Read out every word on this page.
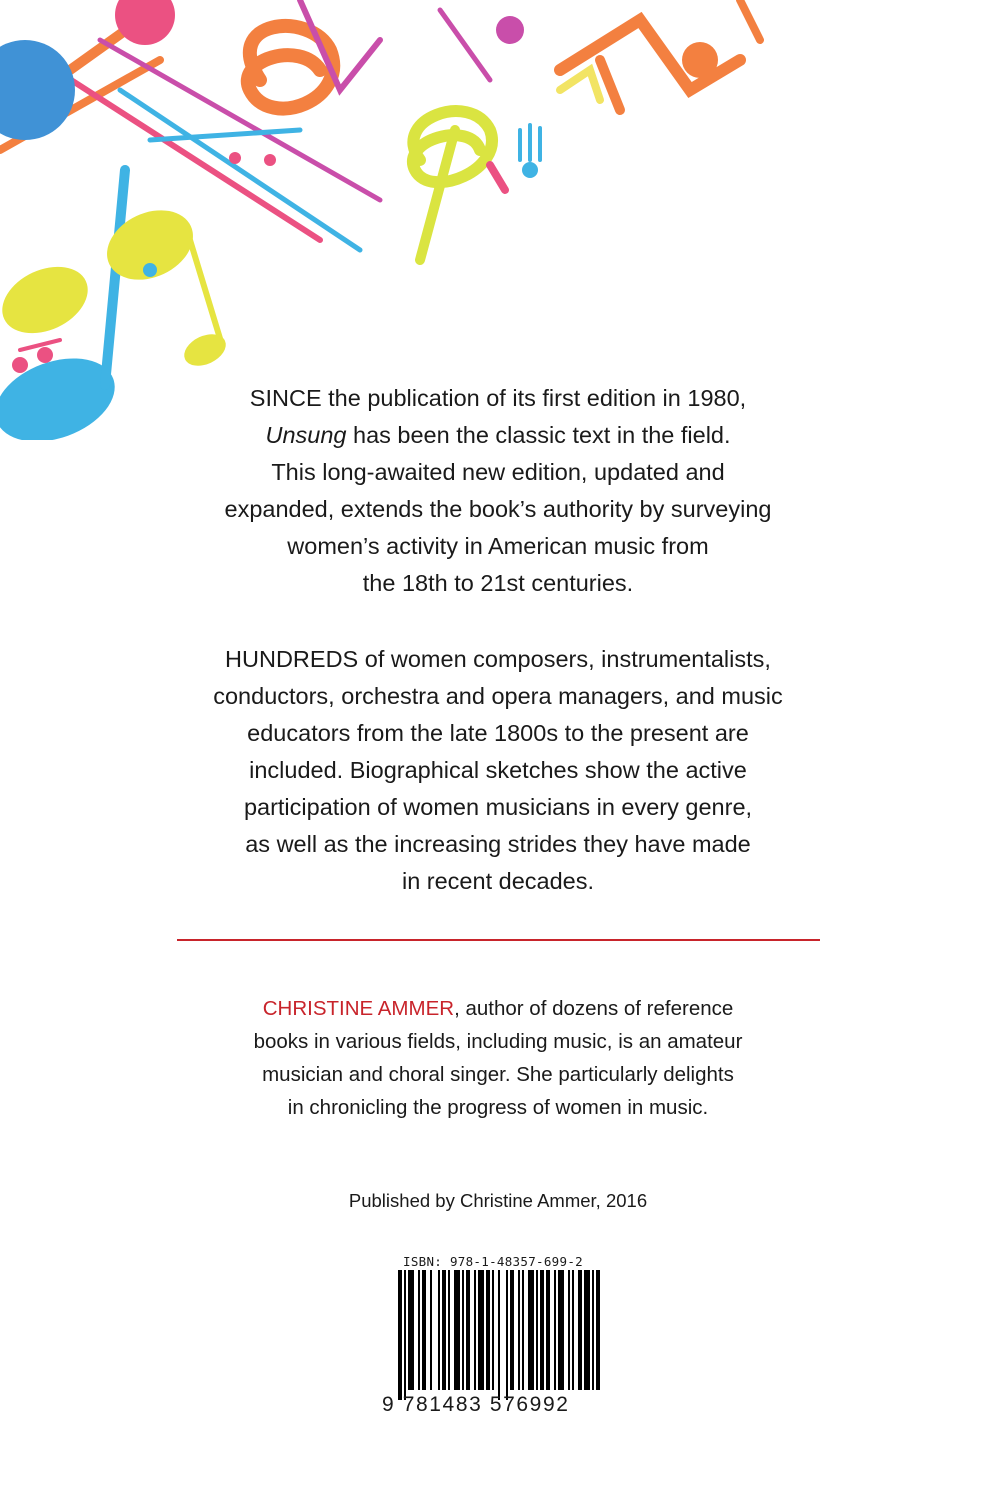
SINCE the publication of its first edition in 1980,
Unsung has been the classic text in the field.
This long-awaited new edition, updated and
expanded, extends the book’s authority by surveying
women’s activity in American music from
the 18th to 21st centuries.

HUNDREDS of women composers, instrumentalists,
conductors, orchestra and opera managers, and music
educators from the late 1800s to the present are
included. Biographical sketches show the active
participation of women musicians in every genre,
as well as the increasing strides they have made
in recent decades.

CHRISTINE AMMER, author of dozens of reference
books in various fields, including music, is an amateur
musician and choral singer. She particularly delights
in chronicling the progress of women in music.

Published by Christine Ammer, 2016

ISBN: 978-1-48357-699-2
9 781483 576992
